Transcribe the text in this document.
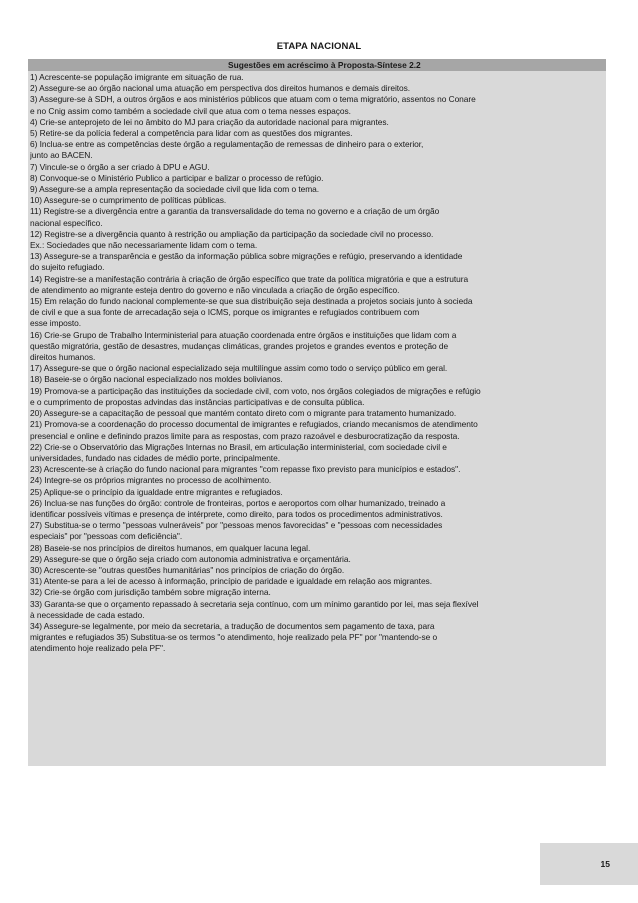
ETAPA NACIONAL
Sugestões em acréscimo à Proposta-Síntese 2.2
1) Acrescente-se população imigrante em situação de rua.
2) Assegure-se ao órgão nacional uma atuação em perspectiva dos direitos humanos e demais direitos.
3) Assegure-se à SDH, a outros órgãos e aos ministérios públicos que atuam com o tema migratório, assentos no Conare
e no Cnig assim como também a sociedade civil que atua com o tema nesses espaços.
4) Crie-se anteprojeto de lei no âmbito do MJ para criação da autoridade nacional para migrantes.
5) Retire-se da polícia federal a competência para lidar com as questões dos migrantes.
6) Inclua-se entre as competências deste órgão a regulamentação de remessas de dinheiro para o exterior,
junto ao BACEN.
7) Vincule-se o órgão a ser criado à DPU e AGU.
8) Convoque-se o Ministério Publico a participar e balizar o processo de refúgio.
9) Assegure-se a ampla representação da sociedade civil que lida com o tema.
10) Assegure-se o cumprimento de políticas públicas.
11) Registre-se a divergência entre a garantia da transversalidade do tema no governo e a criação de um órgão
nacional específico.
12) Registre-se a divergência quanto à restrição ou ampliação da participação da sociedade civil no processo.
Ex.: Sociedades que não necessariamente lidam com o tema.
13) Assegure-se a transparência e gestão da informação pública sobre migrações e refúgio, preservando a identidade
do sujeito refugiado.
14) Registre-se a manifestação contrária à criação de órgão específico que trate da política migratória e que a estrutura
de atendimento ao migrante esteja dentro do governo e não vinculada a criação de órgão específico.
15) Em relação do fundo nacional complemente-se que sua distribuição seja destinada a projetos sociais junto à socieda
de civil e que a sua fonte de arrecadação seja o ICMS, porque os imigrantes e refugiados contribuem com
esse imposto.
16) Crie-se Grupo de Trabalho Interministerial para atuação coordenada entre órgãos e instituições que lidam com a
questão migratória, gestão de desastres, mudanças climáticas, grandes projetos e grandes eventos e proteção de
direitos humanos.
17) Assegure-se que o órgão nacional especializado seja multilíngue assim como todo o serviço público em geral.
18) Baseie-se o órgão nacional especializado nos moldes bolivianos.
19) Promova-se a participação das instituições da sociedade civil, com voto, nos órgãos colegiados de migrações e refúgio
e o cumprimento de propostas advindas das instâncias participativas e de consulta pública.
20) Assegure-se a capacitação de pessoal que mantém contato direto com o migrante para tratamento humanizado.
21) Promova-se a coordenação do processo documental de imigrantes e refugiados, criando mecanismos de atendimento
presencial e online e definindo prazos limite para as respostas, com prazo razoável e desburocratização da resposta.
22) Crie-se o Observatório das Migrações Internas no Brasil, em articulação interministerial, com sociedade civil e
universidades, fundado nas cidades de médio porte, principalmente.
23) Acrescente-se à criação do fundo nacional para migrantes "com repasse fixo previsto para municípios e estados".
24) Integre-se os próprios migrantes no processo de acolhimento.
25) Aplique-se o princípio da igualdade entre migrantes e refugiados.
26) Inclua-se nas funções do órgão: controle de fronteiras, portos e aeroportos com olhar humanizado, treinado a
identificar possíveis vítimas e presença de intérprete, como direito, para todos os procedimentos administrativos.
27) Substitua-se o termo "pessoas vulneráveis" por "pessoas menos favorecidas" e "pessoas com necessidades
especiais" por "pessoas com deficiência".
28) Baseie-se nos princípios de direitos humanos, em qualquer lacuna legal.
29) Assegure-se que o órgão seja criado com autonomia administrativa e orçamentária.
30) Acrescente-se "outras questões humanitárias" nos princípios de criação do órgão.
31) Atente-se para a lei de acesso à informação, princípio de paridade e igualdade em relação aos migrantes.
32) Crie-se órgão com jurisdição também sobre migração interna.
33) Garanta-se que o orçamento repassado à secretaria seja contínuo, com um mínimo garantido por lei, mas seja flexível
à necessidade de cada estado.
34) Assegure-se legalmente, por meio da secretaria, a tradução de documentos sem pagamento de taxa, para
migrantes e refugiados 35) Substitua-se os termos "o atendimento, hoje realizado pela PF" por "mantendo-se o
atendimento hoje realizado pela PF".
15
